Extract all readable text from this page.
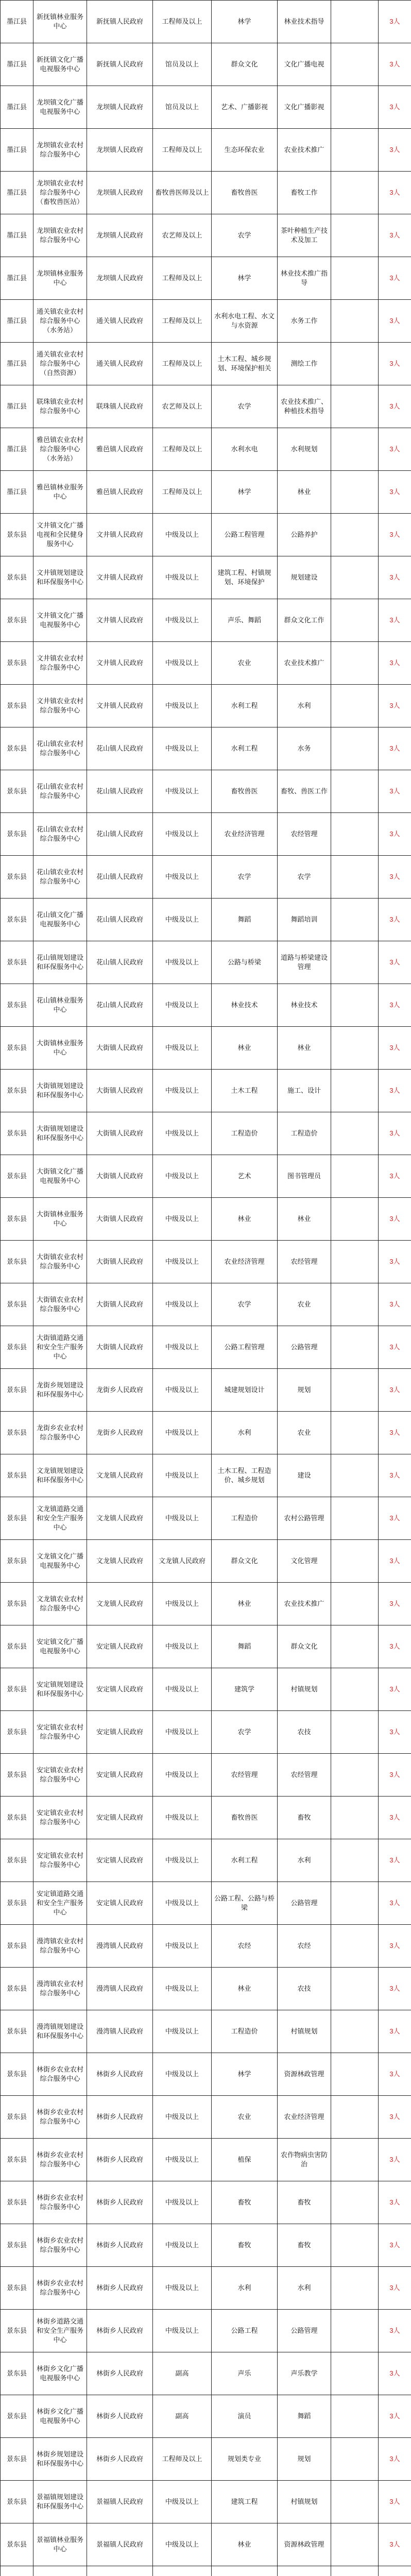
墨江县	新抚镇林业服务中心	新抚镇人民政府	工程师及以上	林学	林业技术指导		3人
墨江县	新抚镇文化广播电视服务中心	新抚镇人民政府	馆员及以上	群众文化	文化广播电视		3人
墨江县	龙坝镇文化广播电视服务中心	龙坝镇人民政府	馆员及以上	艺术、广播影视	文化广播影视		3人
墨江县	龙坝镇农业农村综合服务中心	龙坝镇人民政府	工程师及以上	生态环保农业	农业技术推广		3人
墨江县	龙坝镇农业农村综合服务中心（畜牧兽医站）	龙坝镇人民政府	畜牧兽医师及以上	畜牧兽医	畜牧工作		3人
墨江县	龙坝镇农业农村综合服务中心	龙坝镇人民政府	农艺师及以上	农学	茶叶种植生产技术及加工		3人
墨江县	龙坝镇林业服务中心	龙坝镇人民政府	工程师及以上	林学	林业技术推广指导		3人
墨江县	通关镇农业农村综合服务中心（水务站）	通关镇人民政府	工程师及以上	水利水电工程、水文与水资源	水务工作		3人
墨江县	通关镇农业农村综合服务中心（自然资源）	通关镇人民政府	工程师及以上	土木工程、城乡规划、环境保护相关	测绘工作		3人
墨江县	联珠镇农业农村综合服务中心	联珠镇人民政府	农艺师及以上	农学	农业技术推广、种植技术指导		3人
墨江县	雅邑镇农业农村综合服务中心（水务站）	雅邑镇人民政府	工程师及以上	水利水电	水利规划		3人
墨江县	雅邑镇林业服务中心	雅邑镇人民政府	工程师及以上	林学	林业		3人
景东县	文井镇文化广播电视和全民健身服务中心	文井镇人民政府	中级及以上	公路工程管理	公路养护		3人
景东县	文井镇规划建设和环保服务中心	文井镇人民政府	中级及以上	建筑工程、村镇规划、环境保护	规划建设		3人
景东县	文井镇文化广播电视服务中心	文井镇人民政府	中级及以上	声乐、舞蹈	群众文化工作		3人
景东县	文井镇农业农村综合服务中心	文井镇人民政府	中级及以上	农业	农业技术推广		3人
景东县	文井镇农业农村综合服务中心	文井镇人民政府	中级及以上	水利工程	水利		3人
景东县	花山镇农业农村综合服务中心	花山镇人民政府	中级及以上	水利工程	水务		3人
景东县	花山镇农业农村综合服务中心	花山镇人民政府	中级及以上	畜牧兽医	畜牧、兽医工作		3人
景东县	花山镇农业农村综合服务中心	花山镇人民政府	中级及以上	农业经济管理	农经管理		3人
景东县	花山镇农业农村综合服务中心	花山镇人民政府	中级及以上	农学	农学		3人
景东县	花山镇文化广播电视服务中心	花山镇人民政府	中级及以上	舞蹈	舞蹈培训		3人
景东县	花山镇规划建设和环保服务中心	花山镇人民政府	中级及以上	公路与桥梁	道路与桥梁建设管理		3人
景东县	花山镇林业服务中心	花山镇人民政府	中级及以上	林业技术	林业技术		3人
景东县	大街镇林业服务中心	大街镇人民政府	中级及以上	林业	林业		3人
景东县	大街镇规划建设和环保服务中心	大街镇人民政府	中级及以上	土木工程	施工、设计		3人
景东县	大街镇规划建设和环保服务中心	大街镇人民政府	中级及以上	工程造价	工程造价		3人
景东县	大街镇文化广播电视服务中心	大街镇人民政府	中级及以上	艺术	图书管理员		3人
景东县	大街镇林业服务中心	大街镇人民政府	中级及以上	林业	林业		3人
景东县	大街镇农业农村综合服务中心	大街镇人民政府	中级及以上	农业经济管理	农经管理		3人
景东县	大街镇农业农村综合服务中心	大街镇人民政府	中级及以上	农学	农业		3人
景东县	大街镇道路交通和安全生产服务中心	大街镇人民政府	中级及以上	公路工程管理	公路管理		3人
景东县	龙街乡规划建设和环保服务中心	龙街乡人民政府	中级及以上	城建规划设计	规划		3人
景东县	龙街乡农业农村综合服务中心	龙街乡人民政府	中级及以上	水利	农业		3人
景东县	文龙镇规划建设和环保服务中心	文龙镇人民政府	中级及以上	土木工程、工程造价、城乡规划	建设		3人
景东县	文龙镇道路交通和安全生产服务中心	文龙镇人民政府	中级及以上	工程造价	农村公路管理		3人
景东县	文龙镇文化广播电视服务中心	文龙镇人民政府	文龙镇人民政府	群众文化	文化管理		3人
景东县	文龙镇农业农村综合服务中心	文龙镇人民政府	中级及以上	林业	农业技术推广		3人
景东县	安定镇文化广播电视服务中心	安定镇人民政府	中级及以上	舞蹈	群众文化		3人
景东县	安定镇规划建设和环保服务中心	安定镇人民政府	中级及以上	建筑学	村镇规划		3人
景东县	安定镇农业农村综合服务中心	安定镇人民政府	中级及以上	农学	农技		3人
景东县	安定镇农业农村综合服务中心	安定镇人民政府	中级及以上	农经管理	农经管理		3人
景东县	安定镇农业农村综合服务中心	安定镇人民政府	中级及以上	畜牧兽医	畜牧		3人
景东县	安定镇农业农村综合服务中心	安定镇人民政府	中级及以上	水利工程	水利		3人
景东县	安定镇道路交通和安全生产服务中心	安定镇人民政府	中级及以上	公路工程、公路与桥梁	公路管理		3人
景东县	漫湾镇农业农村综合服务中心	漫湾镇人民政府	中级及以上	农经	农经		3人
景东县	漫湾镇农业农村综合服务中心	漫湾镇人民政府	中级及以上	林业	农技		3人
景东县	漫湾镇规划建设和环保服务中心	漫湾镇人民政府	中级及以上	工程造价	村镇规划		3人
景东县	林街乡农业农村综合服务中心	林街乡人民政府	中级及以上	林学	资源林政管理		3人
景东县	林街乡农业农村综合服务中心	林街乡人民政府	中级及以上	农业	农业经济管理		3人
景东县	林街乡农业农村综合服务中心	林街乡人民政府	中级及以上	植保	农作物病虫害防治		3人
景东县	林街乡农业农村综合服务中心	林街乡人民政府	中级及以上	畜牧	畜牧		3人
景东县	林街乡农业农村综合服务中心	林街乡人民政府	中级及以上	畜牧	畜牧		3人
景东县	林街乡农业农村综合服务中心	林街乡人民政府	中级及以上	水利	水利		3人
景东县	林街乡道路交通和安全生产服务中心	林街乡人民政府	中级及以上	公路工程	公路管理		3人
景东县	林街乡文化广播电视服务中心	林街乡人民政府	副高	声乐	声乐教学		3人
景东县	林街乡文化广播电视服务中心	林街乡人民政府	副高	演员	舞蹈		3人
景东县	林街乡规划建设和环保服务中心	林街乡人民政府	工程师及以上	规划类专业	规划		3人
景东县	景福镇规划建设和环保服务中心	景福镇人民政府	中级及以上	建筑工程	村镇规划		3人
景东县	景福镇林业服务中心	景福镇人民政府	中级及以上	林业	资源林政管理		3人
